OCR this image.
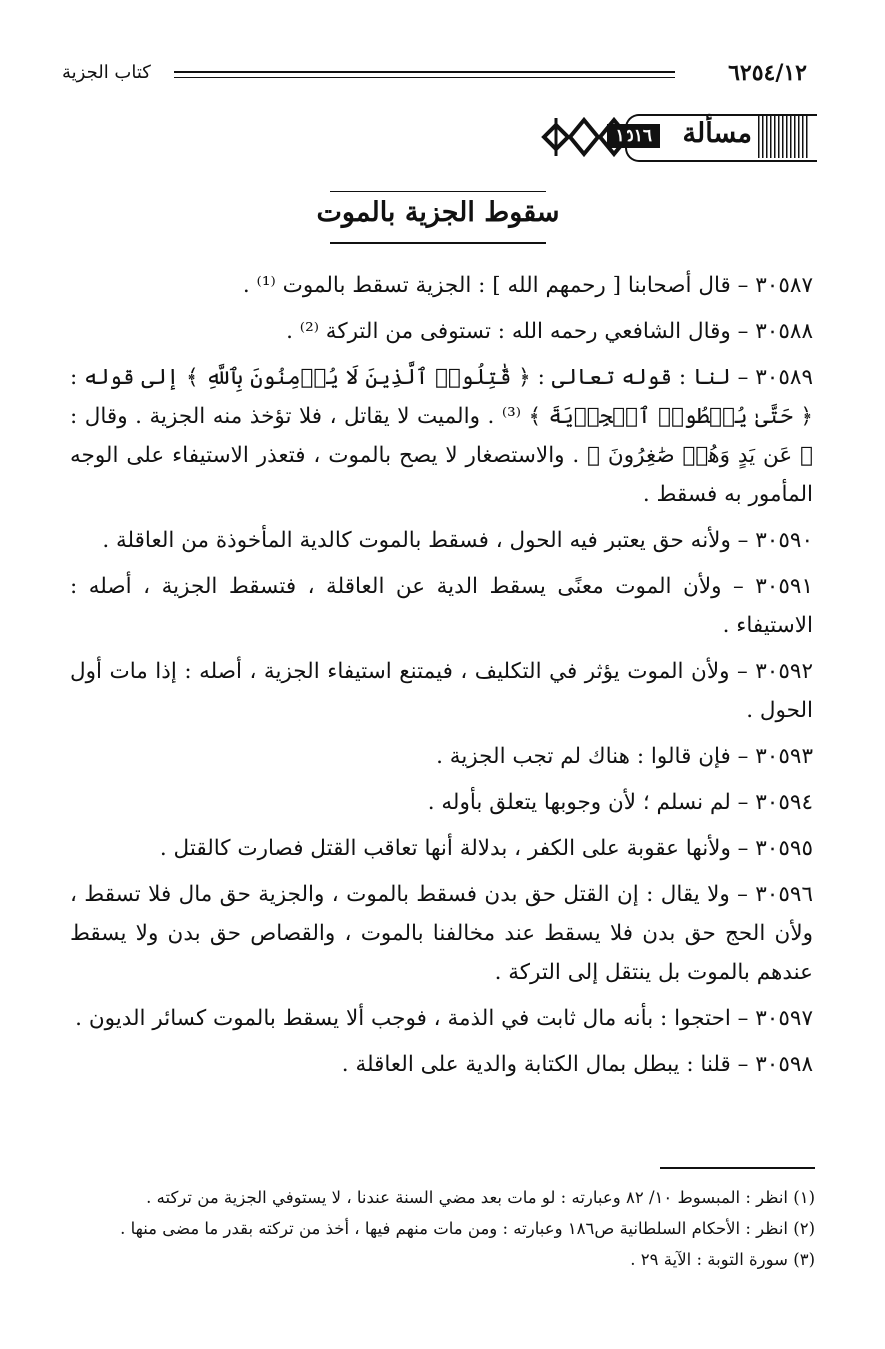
٦٢٥٤/١٢
كتاب الجزية
مسألة
١٥١٦
سقوط الجزية بالموت

٣٠٥٨٧ – قال أصحابنا [ رحمهم الله ] : الجزية تسقط بالموت ⁽¹⁾ .

٣٠٥٨٨ – وقال الشافعي رحمه الله : تستوفى من التركة ⁽²⁾ .

٣٠٥٨٩ – لنا : قوله تعالى : ﴿ قَٰتِلُوا۟ ٱلَّذِينَ لَا يُؤۡمِنُونَ بِٱللَّهِ ﴾ إلى قوله : ﴿ حَتَّىٰ يُعۡطُوا۟ ٱلۡجِزۡيَةَ ﴾ ⁽³⁾ . والميت لا يقاتل ، فلا تؤخذ منه الجزية . وقال : ﴿ عَن يَدٍ وَهُمۡ صَٰغِرُونَ ﴾ . والاستصغار لا يصح بالموت ، فتعذر الاستيفاء على الوجه المأمور به فسقط .

٣٠٥٩٠ – ولأنه حق يعتبر فيه الحول ، فسقط بالموت كالدية المأخوذة من العاقلة .

٣٠٥٩١ – ولأن الموت معنًى يسقط الدية عن العاقلة ، فتسقط الجزية ، أصله : الاستيفاء .

٣٠٥٩٢ – ولأن الموت يؤثر في التكليف ، فيمتنع استيفاء الجزية ، أصله : إذا مات أول الحول .

٣٠٥٩٣ – فإن قالوا : هناك لم تجب الجزية .

٣٠٥٩٤ – لم نسلم ؛ لأن وجوبها يتعلق بأوله .

٣٠٥٩٥ – ولأنها عقوبة على الكفر ، بدلالة أنها تعاقب القتل فصارت كالقتل .

٣٠٥٩٦ – ولا يقال : إن القتل حق بدن فسقط بالموت ، والجزية حق مال فلا تسقط ، ولأن الحج حق بدن فلا يسقط عند مخالفنا بالموت ، والقصاص حق بدن ولا يسقط عندهم بالموت بل ينتقل إلى التركة .

٣٠٥٩٧ – احتجوا : بأنه مال ثابت في الذمة ، فوجب ألا يسقط بالموت كسائر الديون .

٣٠٥٩٨ – قلنا : يبطل بمال الكتابة والدية على العاقلة .

(١) انظر : المبسوط ١٠/ ٨٢ وعبارته : لو مات بعد مضي السنة عندنا ، لا يستوفي الجزية من تركته .

(٢) انظر : الأحكام السلطانية ص١٨٦ وعبارته : ومن مات منهم فيها ، أخذ من تركته بقدر ما مضى منها .

(٣) سورة التوبة : الآية ٢٩ .
